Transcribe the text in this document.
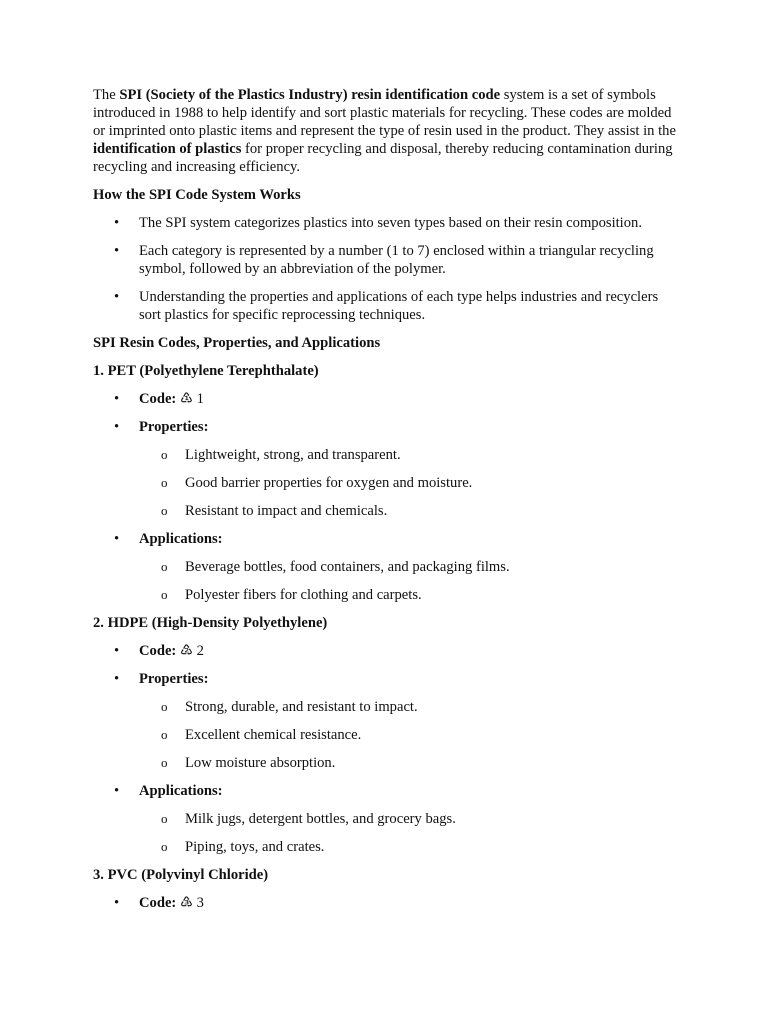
The SPI (Society of the Plastics Industry) resin identification code system is a set of symbols introduced in 1988 to help identify and sort plastic materials for recycling. These codes are molded or imprinted onto plastic items and represent the type of resin used in the product. They assist in the identification of plastics for proper recycling and disposal, thereby reducing contamination during recycling and increasing efficiency.

How the SPI Code System Works

• The SPI system categorizes plastics into seven types based on their resin composition.
• Each category is represented by a number (1 to 7) enclosed within a triangular recycling symbol, followed by an abbreviation of the polymer.
• Understanding the properties and applications of each type helps industries and recyclers sort plastics for specific reprocessing techniques.

SPI Resin Codes, Properties, and Applications

1. PET (Polyethylene Terephthalate)

• Code: ♳ 1
• Properties:
o Lightweight, strong, and transparent.
o Good barrier properties for oxygen and moisture.
o Resistant to impact and chemicals.
• Applications:
o Beverage bottles, food containers, and packaging films.
o Polyester fibers for clothing and carpets.

2. HDPE (High-Density Polyethylene)

• Code: ♴ 2
• Properties:
o Strong, durable, and resistant to impact.
o Excellent chemical resistance.
o Low moisture absorption.
• Applications:
o Milk jugs, detergent bottles, and grocery bags.
o Piping, toys, and crates.

3. PVC (Polyvinyl Chloride)

• Code: ♵ 3
